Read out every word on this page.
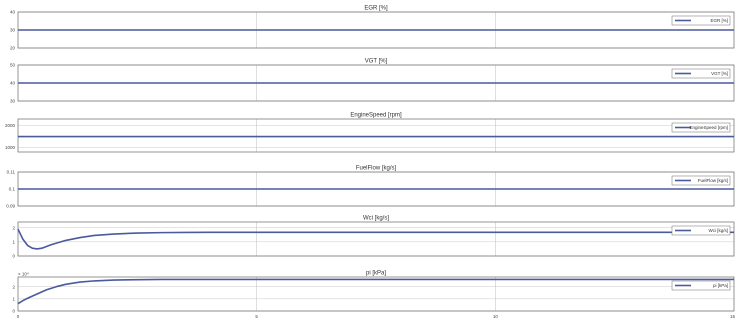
EGR [%]
40
30
20
EGR [%]
VGT [%]
50
40
30
VGT [%]
EngineSpeed [rpm]
2000
1000
EngineSpeed [rpm]
FuelFlow [kg/s]
0.11
0.1
0.09
FuelFlow [kg/s]
Wci [kg/s]
2
1
0
Wci [kg/s]
pi [kPa]
2
1
0
× 10⁴
pi [kPa]
0	5	10	15
